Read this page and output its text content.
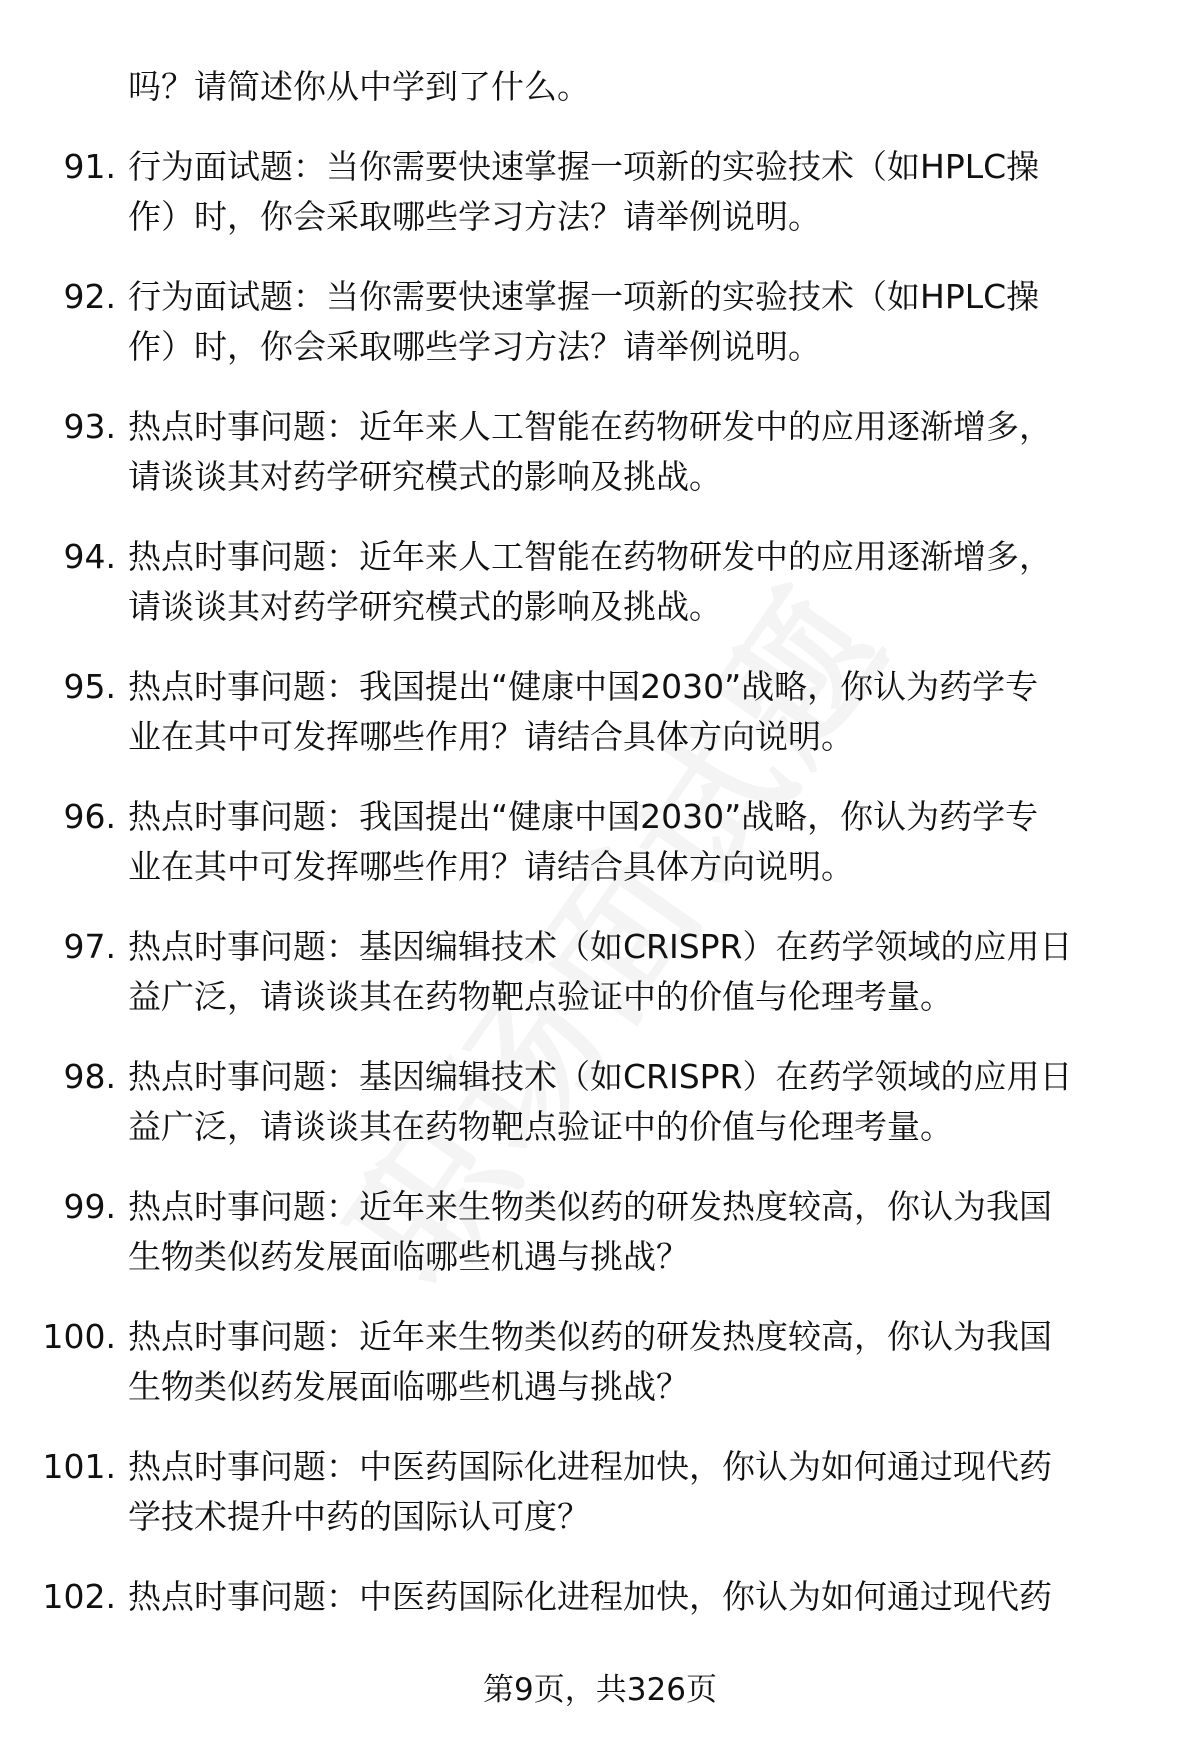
吗？请简述你从中学到了什么。
91. 行为面试题：当你需要快速掌握一项新的实验技术（如HPLC操
作）时，你会采取哪些学习方法？请举例说明。
92. 行为面试题：当你需要快速掌握一项新的实验技术（如HPLC操
作）时，你会采取哪些学习方法？请举例说明。
93. 热点时事问题：近年来人工智能在药物研发中的应用逐渐增多，
请谈谈其对药学研究模式的影响及挑战。
94. 热点时事问题：近年来人工智能在药物研发中的应用逐渐增多，
请谈谈其对药学研究模式的影响及挑战。
95. 热点时事问题：我国提出“健康中国2030”战略，你认为药学专
业在其中可发挥哪些作用？请结合具体方向说明。
96. 热点时事问题：我国提出“健康中国2030”战略，你认为药学专
业在其中可发挥哪些作用？请结合具体方向说明。
97. 热点时事问题：基因编辑技术（如CRISPR）在药学领域的应用日
益广泛，请谈谈其在药物靶点验证中的价值与伦理考量。
98. 热点时事问题：基因编辑技术（如CRISPR）在药学领域的应用日
益广泛，请谈谈其在药物靶点验证中的价值与伦理考量。
99. 热点时事问题：近年来生物类似药的研发热度较高，你认为我国
生物类似药发展面临哪些机遇与挑战？
100. 热点时事问题：近年来生物类似药的研发热度较高，你认为我国
生物类似药发展面临哪些机遇与挑战？
101. 热点时事问题：中医药国际化进程加快，你认为如何通过现代药
学技术提升中药的国际认可度？
102. 热点时事问题：中医药国际化进程加快，你认为如何通过现代药
第9页，共326页
